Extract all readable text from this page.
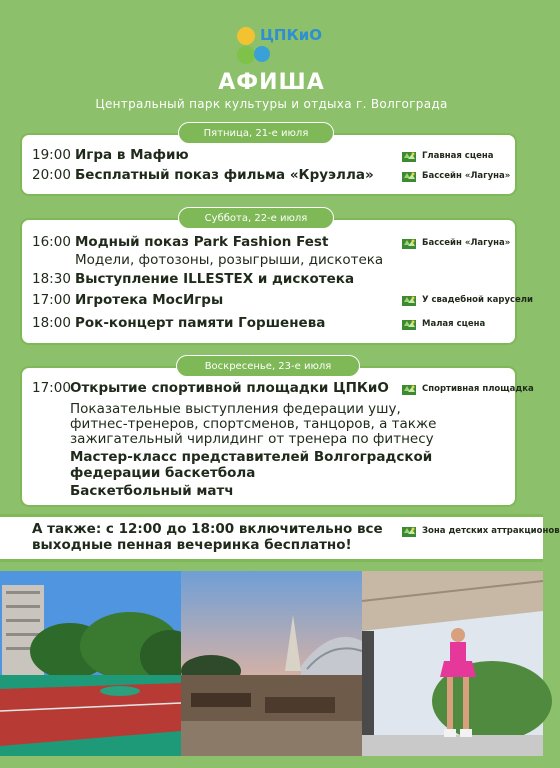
ЦПКиО
АФИША
Центральный парк культуры и отдыха г. Волгограда
Пятница, 21-е июля
19:00 Игра в Мафию	Главная сцена
20:00 Бесплатный показ фильма «Круэлла»	Бассейн «Лагуна»
Суббота, 22-е июля
16:00 Модный показ Park Fashion Fest	Бассейн «Лагуна»
Модели, фотозоны, розыгрыши, дискотека
18:30 Выступление ILLESTEX и дискотека
17:00 Игротека МосИгры	У свадебной карусели
18:00 Рок-концерт памяти Горшенева	Малая сцена
Воскресенье, 23-е июля
17:00Открытие спортивной площадки ЦПКиО	Спортивная площадка
Показательные выступления федерации ушу,
фитнес-тренеров, спортсменов, танцоров, а также
зажигательный чирлидинг от тренера по фитнесу
Мастер-класс представителей Волгоградской
федерации баскетбола
Баскетбольный матч
А также: с 12:00 до 18:00 включительно все
выходные пенная вечеринка бесплатно!
Зона детских аттракционов
